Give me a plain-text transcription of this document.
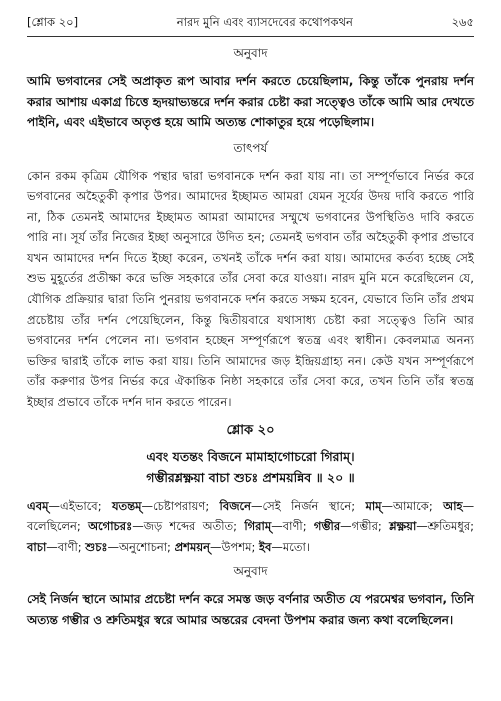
[শ্লোক ২০]	নারদ মুনি এবং ব্যাসদেবের কথোপকথন	২৬৫
অনুবাদ

আমি ভগবানের সেই অপ্রাকৃত রূপ আবার দর্শন করতে চেয়েছিলাম, কিন্তু তাঁকে পুনরায় দর্শন করার আশায় একাগ্র চিত্তে হৃদয়াভ্যন্তরে দর্শন করার চেষ্টা করা সত্ত্বেও তাঁকে আমি আর দেখতে পাইনি, এবং এইভাবে অতৃপ্ত হয়ে আমি অত্যন্ত শোকাতুর হয়ে পড়েছিলাম।

তাৎপর্য

কোন রকম কৃত্রিম যৌগিক পন্থার দ্বারা ভগবানকে দর্শন করা যায় না। তা সম্পূর্ণভাবে নির্ভর করে ভগবানের অহৈতুকী কৃপার উপর। আমাদের ইচ্ছামত আমরা যেমন সূর্যের উদয় দাবি করতে পারি না, ঠিক তেমনই আমাদের ইচ্ছামত আমরা আমাদের সম্মুখে ভগবানের উপস্থিতিও দাবি করতে পারি না। সূর্য তাঁর নিজের ইচ্ছা অনুসারে উদিত হন; তেমনই ভগবান তাঁর অহৈতুকী কৃপার প্রভাবে যখন আমাদের দর্শন দিতে ইচ্ছা করেন, তখনই তাঁকে দর্শন করা যায়। আমাদের কর্তব্য হচ্ছে সেই শুভ মুহূর্তের প্রতীক্ষা করে ভক্তি সহকারে তাঁর সেবা করে যাওয়া। নারদ মুনি মনে করেছিলেন যে, যৌগিক প্রক্রিয়ার দ্বারা তিনি পুনরায় ভগবানকে দর্শন করতে সক্ষম হবেন, যেভাবে তিনি তাঁর প্রথম প্রচেষ্টায় তাঁর দর্শন পেয়েছিলেন, কিন্তু দ্বিতীয়বারে যথাসাধ্য চেষ্টা করা সত্ত্বেও তিনি আর ভগবানের দর্শন পেলেন না। ভগবান হচ্ছেন সম্পূর্ণরূপে স্বতন্ত্র এবং স্বাধীন। কেবলমাত্র অনন্য ভক্তির দ্বারাই তাঁকে লাভ করা যায়। তিনি আমাদের জড় ইন্দ্রিয়গ্রাহ্য নন। কেউ যখন সম্পূর্ণরূপে তাঁর করুণার উপর নির্ভর করে ঐকান্তিক নিষ্ঠা সহকারে তাঁর সেবা করে, তখন তিনি তাঁর স্বতন্ত্র ইচ্ছার প্রভাবে তাঁকে দর্শন দান করতে পারেন।

শ্লোক ২০

এবং যতন্তং বিজনে মামাহাগোচরো গিরাম্।

গম্ভীরশ্লক্ষ্ণয়া বাচা শুচঃ প্রশময়ন্নিব ॥ ২০ ॥

এবম্—এইভাবে; যতন্তম্—চেষ্টাপরায়ণ; বিজনে—সেই নির্জন স্থানে; মাম্—আমাকে; আহ—বলেছিলেন; অগোচরঃ—জড় শব্দের অতীত; গিরাম্—বাণী; গম্ভীর—গম্ভীর; শ্লক্ষ্ণয়া—শ্রুতিমধুর; বাচা—বাণী; শুচঃ—অনুশোচনা; প্রশময়ন্—উপশম; ইব—মতো।
অনুবাদ

সেই নির্জন স্থানে আমার প্রচেষ্টা দর্শন করে সমস্ত জড় বর্ণনার অতীত যে পরমেশ্বর ভগবান, তিনি অত্যন্ত গম্ভীর ও শ্রুতিমধুর স্বরে আমার অন্তরের বেদনা উপশম করার জন্য কথা বলেছিলেন।
